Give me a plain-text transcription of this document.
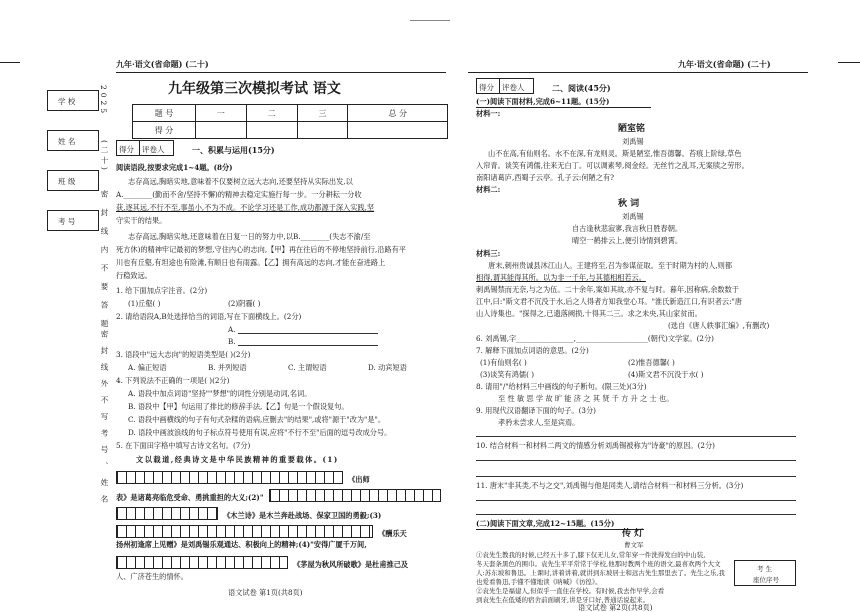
学 校
姓 名
班 级
考 号
2025
(二十)
密封线内不要答题
密封线外不写考号、姓名
九年·语文(省命题) (二十)
九年级第三次模拟考试 语文
题 号	一	二	三	总 分
得 分				
得分 评卷人	一、积累与运用(15分)
阅读语段,按要求完成1~4题。(8分)
志存高远,胸暗实地,意味着不仅要树立远大志向,还要坚持从实际出发,以
A.________(勤而不舍/坚持不懈)的精神去稳定实施行每一步。一分耕耘一分收
获,逐其远,不行不至,事虽小,不为不成。不论学习还是工作,成功都源于深入实践,坚
守实干的结果。
志存高远,胸暗实地,还意味着在日复一日的努力中,以B.________(失志不渝/至
死方休)的精神牢记最初的梦想,守住内心的志向,【甲】再在往后的不停地坚持前行,沿路有平
川也有丘壑,有坦途也有险滩,有顺日也有雨露。【乙】拥有高远的志向,才能在奋进路上
行稳致远。
1. 给下面加点字注音。(2分)
(1)丘壑( )	(2)阴霾( )
2. 请给语段A,B处选择恰当的词语,写在下面横线上。(2分)
A.
B.
3. 语段中"远大志向"的短语类型是( )(2分)
A. 偏正短语	B. 并列短语	C. 主谓短语	D. 动宾短语
4. 下列说法不正确的一项是( )(2分)
A. 语段中加点词语"坚持""梦想"的词性分别是动词,名词。
B. 语段中【甲】句运用了排比的修辞手法,【乙】句是一个假设复句。
C. 语段中画横线的句子有句式杂糅的语病,应删去"的结果",或将"源于"改为"是"。
D. 语段中画波浪线的句子标点符号使用有误,应将"不行不至"后面的逗号改成分号。
5. 在下面田字格中填写古诗文名句。(7分)
文以载道,经典诗文是中华民族精神的重要载体。(1)
《出师
表》是诸葛亮临危受命、勇挑重担的大义;(2)"
《木兰诗》是木兰奔赴战场、保家卫国的勇毅;(3)
《酬乐天
扬州初逢席上见赠》是刘禹锡乐观通达、积极向上的精神;(4)"安得广厦千万间,
《茅屋为秋风所破歌》是杜甫推己及
人、广济苍生的情怀。
语文试卷 第1页(共8页)
九年·语文(省命题) (二十)
得分 评卷人	二、阅读(45分)
(一)阅读下面材料,完成6~11题。(15分)
材料一:
陋室铭
刘禹锡
山不在高,有仙则名。水不在深,有龙则灵。斯是陋室,惟吾德馨。苔痕上阶绿,草色
入帘青。谈笑有鸿儒,往来无白丁。可以调素琴,阅金经。无丝竹之乱耳,无案牍之劳形。
南阳诸葛庐,西蜀子云亭。孔子云:何陋之有?
材料二:
秋 词
刘禹锡
自古逢秋悲寂寥,我言秋日胜春朝。
晴空一鹤排云上,便引诗情到碧霄。
材料三:
唐末,刺州贵诚县沐江山人。王建将至,召为参谋征取。至于时期为村的人,则都
相得,谓其能得其所。以为非一千年,与其德相相若云。
刺禹锡禁而无奈,与之为伍。二十余年,案如其故,亦不复与时。暮年,因称病,余数数于
江中,曰:"斯文君不沉没于水,后之人得者方知我堂心耳。"淮氏新造江口,有识者云:"唐
山人诗集也。"探得之,已遗落阙损,十得其二三。求之未央,其山家贫而。
(选自《唐人轶事汇编》,有删改)
6. 刘禹锡,字________________,____________________(朝代)文学家。(2分)
7. 解释下面加点词语的意思。(2分)
(1)有仙则名( )	(2)惟吾德馨( )
(3)谈笑有鸿儒( )	(4)斯文君不沉没于水( )
8. 请用"/"给材料三中画线的句子断句。(限三处)(3分)
至 性 敏 思 学 故 旷 能 济 之 其 贤 千 方 升 之 士 也。
9. 用现代汉语翻译下面的句子。(3分)
孝矜未尝求人,至是宾焉。
10. 结合材料一和材料二两文的情感分析刘禹锡被称为"诗豪"的原因。(2分)
11. 唐末"非其类,不与之交",刘禹锡与他是同类人,请结合材料一和材料三分析。(3分)
(二)阅读下面文章,完成12~15题。(15分)
传 灯
曹文军
①袁先生教我的时候,已经五十多了,膝下仅无儿女,常年穿一件洗得发白的中山装,
冬天套条黑色的围巾。袁先生平平常常于学校,他那时教两个班的语文,最喜欢两个大文
人:苏东坡和鲁迅。上课时,讲着讲着,就讲到东坡居士和远古先生那里去了。先生之乐,我
也爱看鲁迅,手懂不懂地读《呐喊》《彷徨》。
②袁先生是福建人,但似乎一直住在学校。有时候,我去作早学,会看
到袁先生在低矮的宿舍前面刷牙,讲是牙口好,普通话说起来。
考 生
座位序号
语文试卷 第2页(共8页)
